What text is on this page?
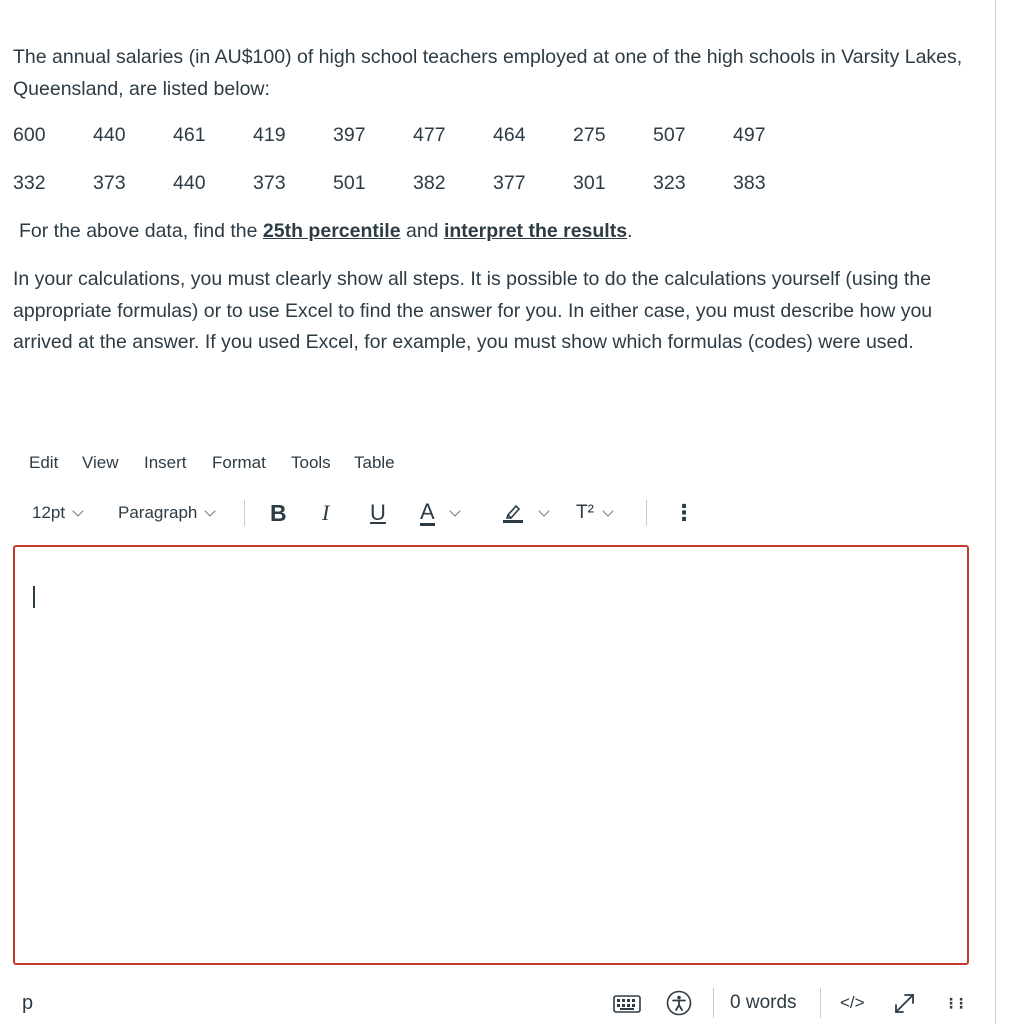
The annual salaries (in AU$100) of high school teachers employed at one of the high schools in Varsity Lakes, Queensland, are listed below:

600 440 461 419 397 477 464 275 507 497
332 373 440 373 501 382 377 301 323 383
For the above data, find the 25th percentile and interpret the results.

In your calculations, you must clearly show all steps. It is possible to do the calculations yourself (using the appropriate formulas) or to use Excel to find the answer for you. In either case, you must describe how you arrived at the answer. If you used Excel, for example, you must show which formulas (codes) were used.

Edit View Insert Format Tools Table
12pt	Paragraph	B I U A	T²	⋮
p	0 words	</>	⋮⋮
